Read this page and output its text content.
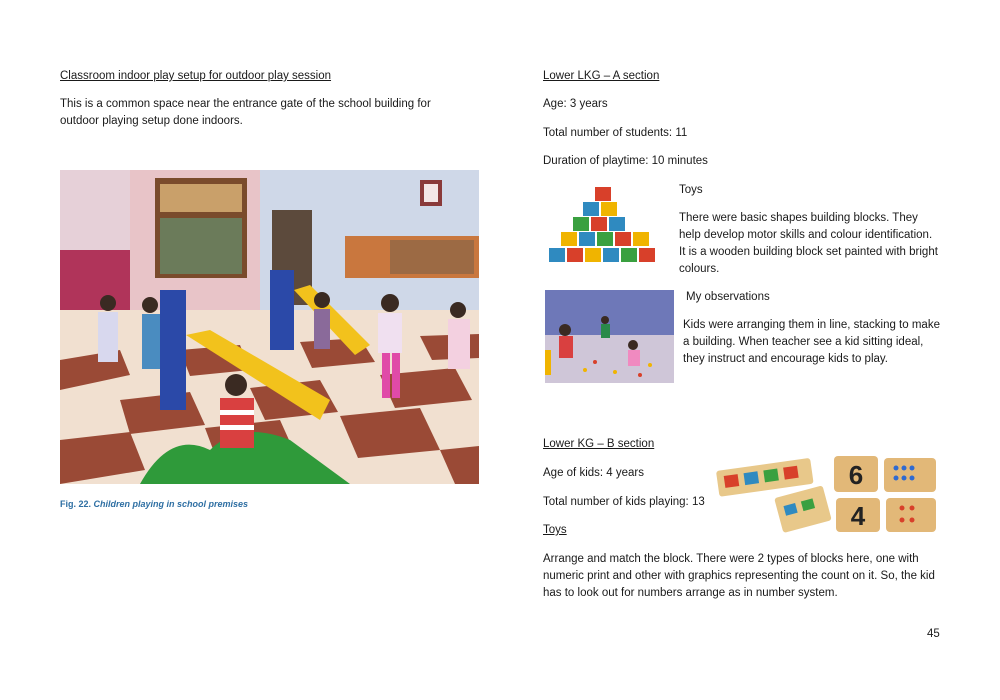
Classroom indoor play setup for outdoor play session
This is a common space near the entrance gate of the school building for outdoor playing setup done indoors.
Fig. 22. Children playing in school premises
Lower LKG – A section
Age: 3 years
Total number of students: 11
Duration of playtime: 10 minutes
Toys
There were basic shapes building blocks. They help develop motor skills and colour identification. It is a wooden building block set painted with bright colours.
My observations
Kids were arranging them in line, stacking to make a building. When teacher see a kid sitting ideal, they instruct and encourage kids to play.
Lower KG – B section
Age of kids: 4 years
Total number of kids playing: 13
6
4
Toys
Arrange and match the block. There were 2 types of blocks here, one with numeric print and other with graphics representing the count on it. So, the kid has to look out for numbers arrange as in number system.
45
